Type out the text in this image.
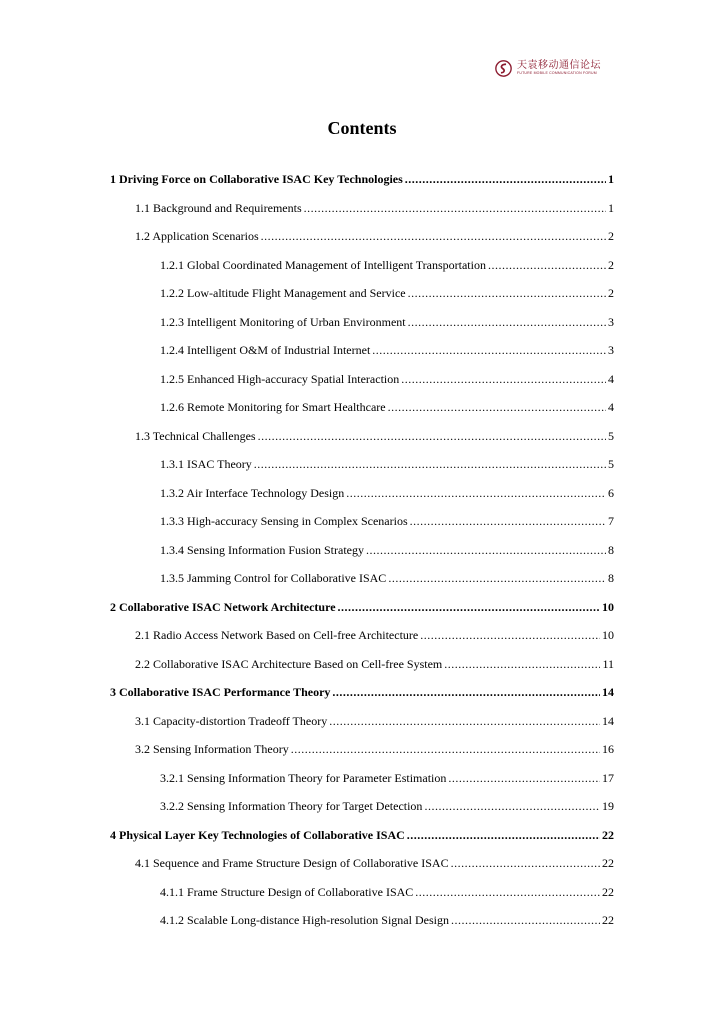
天袁移动通信论坛
FUTURE MOBILE COMMUNICATION FORUM
Contents
1 Driving Force on Collaborative ISAC Key Technologies .....	1
1.1 Background and Requirements .....	1
1.2 Application Scenarios .....	2
1.2.1 Global Coordinated Management of Intelligent Transportation .....	2
1.2.2 Low-altitude Flight Management and Service .....	2
1.2.3 Intelligent Monitoring of Urban Environment .....	3
1.2.4 Intelligent O&M of Industrial Internet .....	3
1.2.5 Enhanced High-accuracy Spatial Interaction .....	4
1.2.6 Remote Monitoring for Smart Healthcare .....	4
1.3 Technical Challenges .....	5
1.3.1 ISAC Theory .....	5
1.3.2 Air Interface Technology Design .....	6
1.3.3 High-accuracy Sensing in Complex Scenarios .....	7
1.3.4 Sensing Information Fusion Strategy .....	8
1.3.5 Jamming Control for Collaborative ISAC .....	8
2 Collaborative ISAC Network Architecture .....	10
2.1 Radio Access Network Based on Cell-free Architecture .....	10
2.2 Collaborative ISAC Architecture Based on Cell-free System .....	11
3 Collaborative ISAC Performance Theory .....	14
3.1 Capacity-distortion Tradeoff Theory .....	14
3.2 Sensing Information Theory .....	16
3.2.1 Sensing Information Theory for Parameter Estimation .....	17
3.2.2 Sensing Information Theory for Target Detection .....	19
4 Physical Layer Key Technologies of Collaborative ISAC .....	22
4.1 Sequence and Frame Structure Design of Collaborative ISAC .....	22
4.1.1 Frame Structure Design of Collaborative ISAC .....	22
4.1.2 Scalable Long-distance High-resolution Signal Design .....	22
